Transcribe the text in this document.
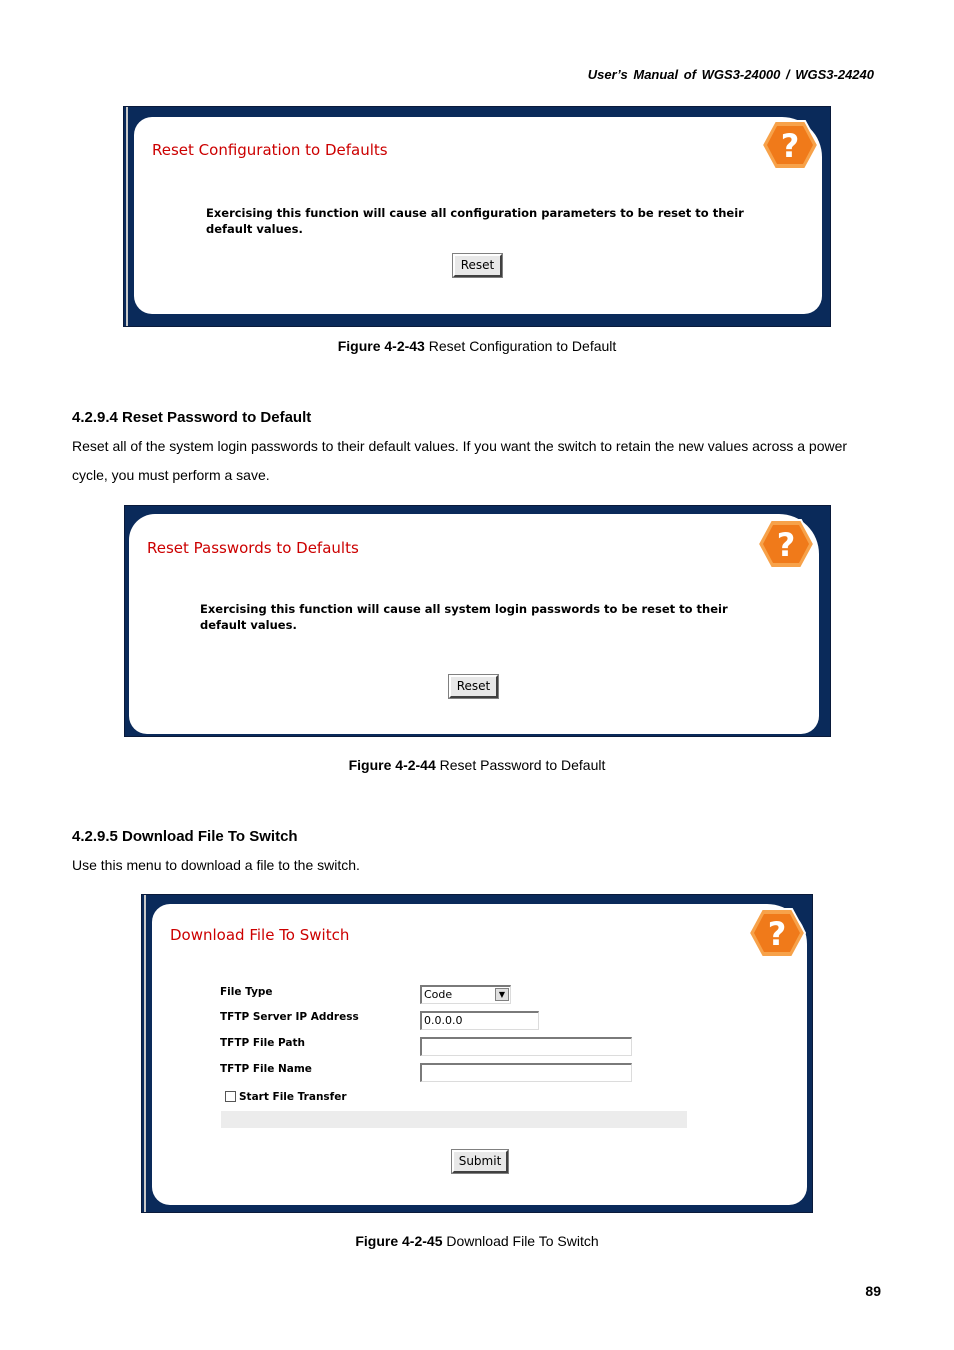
User’s Manual of WGS3-24000 / WGS3-24240
Reset Configuration to Defaults	?
Exercising this function will cause all configuration parameters to be reset to their default values.
Reset
Figure 4-2-43 Reset Configuration to Default
4.2.9.4 Reset Password to Default
Reset all of the system login passwords to their default values. If you want the switch to retain the new values across a power cycle, you must perform a save.
Reset Passwords to Defaults	?
Exercising this function will cause all system login passwords to be reset to their default values.
Reset
Figure 4-2-44 Reset Password to Default
4.2.9.5 Download File To Switch
Use this menu to download a file to the switch.
Download File To Switch	?
File Type	Code	▼
TFTP Server IP Address	0.0.0.0
TFTP File Path
TFTP File Name
Start File Transfer
Submit
Figure 4-2-45 Download File To Switch
89
